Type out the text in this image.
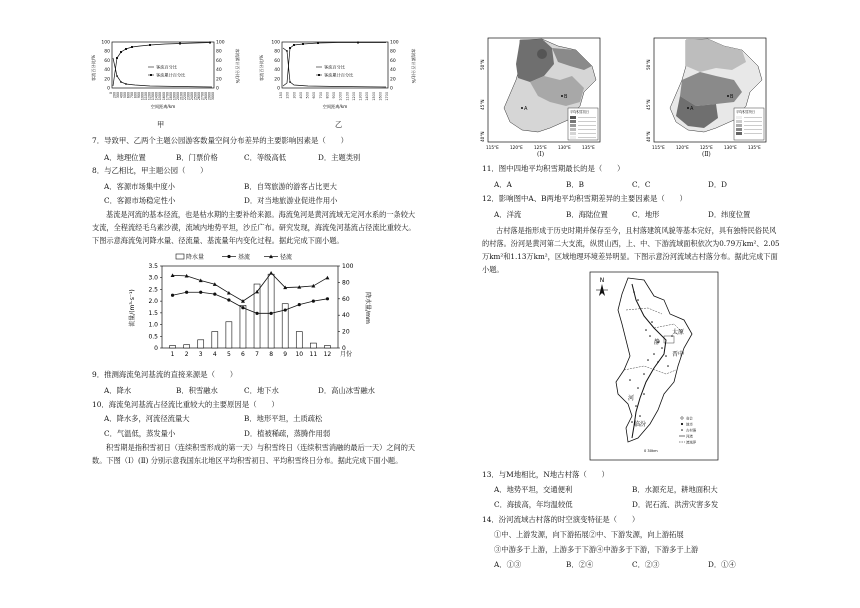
0	0
20	20
40	40
60	60
80	80
100	100
客流百分比/%	客流累计百分比/%
客流百分比
客流累计百分比
0 200 300 400 500 600 700 800 900 1000 1100 1200 1300 1400 1500 1600 1700 1800 1900 2000 2100 2200 2300 2400 2500 2600 2700 2800 2900 3000
空间距离/km
甲
0	0
20	20
40	40
60	60
80	80
100	100
客流百分比/%	客流累计百分比/%
客流百分比
客流累计百分比
150 200 300 400 500 600 700 800 900 1000 1100 1200 1300 1400 1500 1600 1700
空间距离/km
乙
7．导致甲、乙两个主题公园游客数量空间分布差异的主要影响因素是（　　）
A．地理位置	B．门票价格	C．等级高低	D．主题类别
8．与乙相比，甲主题公园（　　）
A．客源市场集中度小	B．自驾旅游的游客占比更大
C．客源市场稳定性小	D．对当地旅游业促进作用小
基流是河流的基本径流，也是枯水期的主要补给来源。海流兔河是黄河流域无定河水系的一条较大支流，全程流经毛乌素沙漠，流域内地势平坦，沙丘广布。研究发现，海流兔河基流占径流比重较大。下图示意海流兔河降水量、径流量、基流量年内变化过程。据此完成下面小题。
0
0.5
1.0
1.5
2.0
2.5
3.0
3.5
0
20
40
60
80
100
流量/(m³·s⁻¹)	降水量/mm
1 2 3 4 5 6 7 8 9 10 11 12 月份
降水量	基流	径流
9．推测海流兔河基流的直接来源是（　　）
A．降水	B．积雪融水	C．地下水	D．高山冰雪融水
10．海流兔河基流占径流比重较大的主要原因是（　　）
A．降水多，河流径流量大	B．地形平坦，土质疏松
C．气温低，蒸发量小	D．植被稀疏，蒸腾作用弱
积雪期是指积雪初日（连续积雪形成的第一天）与积雪终日（连续积雪消融的最后一天）之间的天数。下图（Ⅰ）(Ⅱ) 分别示意我国东北地区平均积雪初日、平均积雪终日分布。据此完成下面小题。
A
B
平均积雪初日
50°N
45°N
40°N
115°E	120°E	125°E	130°E	135°E
(Ⅰ)
A
B
平均积雪终日
50°N
45°N
40°N
115°E	120°E	125°E	130°E	135°E
(Ⅱ)
11．图中四地平均积雪期最长的是（　　）
A．A	B．B	C．C	D．D
12．影响图中A、B两地平均积雪期差异的主要因素是（　　）
A．洋流	B．海陆位置	C．地形	D．纬度位置
古村落是指形成于历史时期并保存至今，且村落建筑风貌等基本完好，具有独特民俗民风的村落。汾河是黄河第二大支流，纵贯山西，上、中、下游流域面积依次为0.79万km²、2.05万km²和1.13万km²，区域地理环境差异明显。下图示意汾河流域古村落分布。据此完成下面小题。
N
静
太原
晋中
河
临汾
省会
地市
古村落
河流
流域界
0 30km
13．与M地相比，N地古村落（　　）
A．地势平坦，交通便利	B．水源充足，耕地面积大
C．海拔高，年均温较低	D．泥石流、洪涝灾害多发
14．汾河流域古村落的时空演变特征是（　　）
①中、上游发源，向下游拓展②中、下游发源，向上游拓展
③中游多于上游，上游多于下游④中游多于下游，下游多于上游
A．①③	B．②④	C．②③	D．①④
